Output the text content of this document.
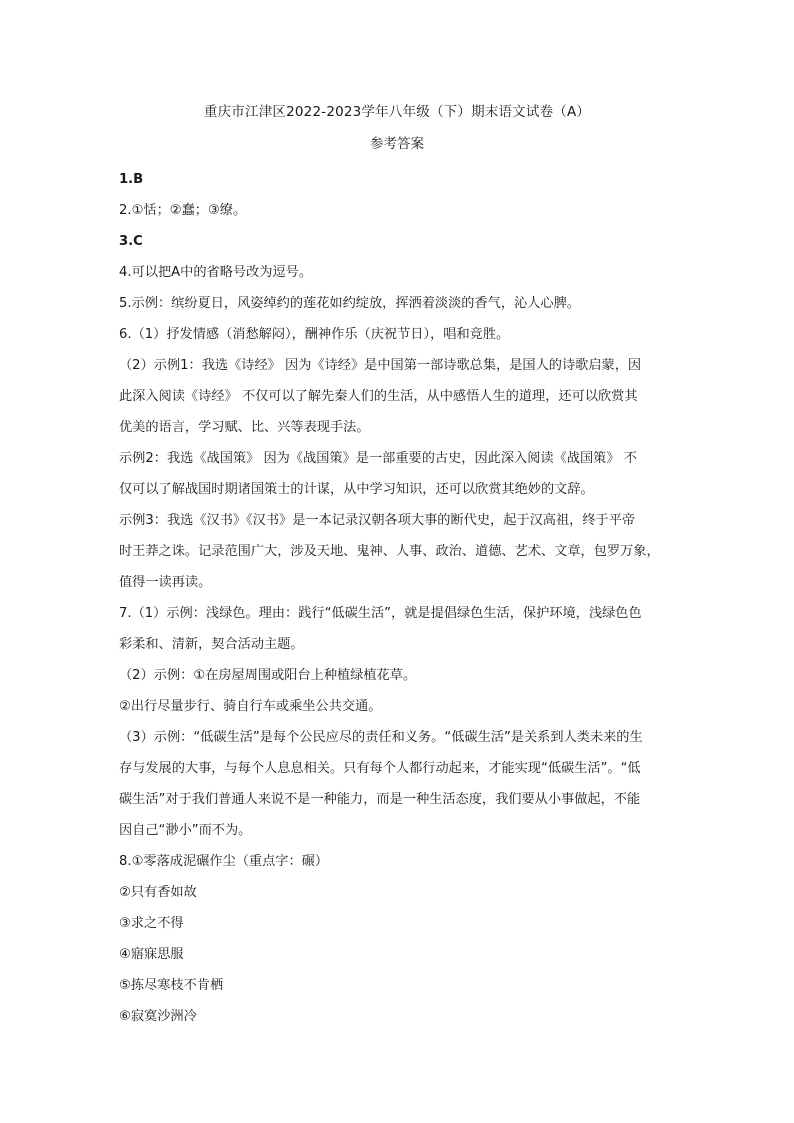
重庆市江津区2022-2023学年八年级（下）期末语文试卷（A）
参考答案

1.B

2.①恬；②蠢；③缭。

3.C

4.可以把A中的省略号改为逗号。

5.示例：缤纷夏日，风姿绰约的莲花如约绽放，挥洒着淡淡的香气，沁人心脾。

6.（1）抒发情感（消愁解闷），酬神作乐（庆祝节日），唱和竞胜。

（2）示例1：我选《诗经》 因为《诗经》是中国第一部诗歌总集，是国人的诗歌启蒙，因

此深入阅读《诗经》 不仅可以了解先秦人们的生活，从中感悟人生的道理，还可以欣赏其

优美的语言，学习赋、比、兴等表现手法。

示例2：我选《战国策》 因为《战国策》是一部重要的古史，因此深入阅读《战国策》 不

仅可以了解战国时期诸国策士的计谋，从中学习知识，还可以欣赏其绝妙的文辞。

示例3：我选《汉书》《汉书》是一本记录汉朝各项大事的断代史，起于汉高祖，终于平帝

时王莽之诛。记录范围广大，涉及天地、鬼神、人事、政治、道德、艺术、文章，包罗万象，

值得一读再读。

7.（1）示例：浅绿色。理由：践行“低碳生活”，就是提倡绿色生活，保护环境，浅绿色色

彩柔和、清新，契合活动主题。

（2）示例：①在房屋周围或阳台上种植绿植花草。

②出行尽量步行、骑自行车或乘坐公共交通。

（3）示例：“低碳生活”是每个公民应尽的责任和义务。“低碳生活”是关系到人类未来的生

存与发展的大事，与每个人息息相关。只有每个人都行动起来，才能实现“低碳生活”。“低

碳生活”对于我们普通人来说不是一种能力，而是一种生活态度，我们要从小事做起，不能

因自己“渺小”而不为。

8.①零落成泥碾作尘（重点字：碾）

②只有香如故

③求之不得

④寤寐思服

⑤拣尽寒枝不肯栖

⑥寂寞沙洲冷
